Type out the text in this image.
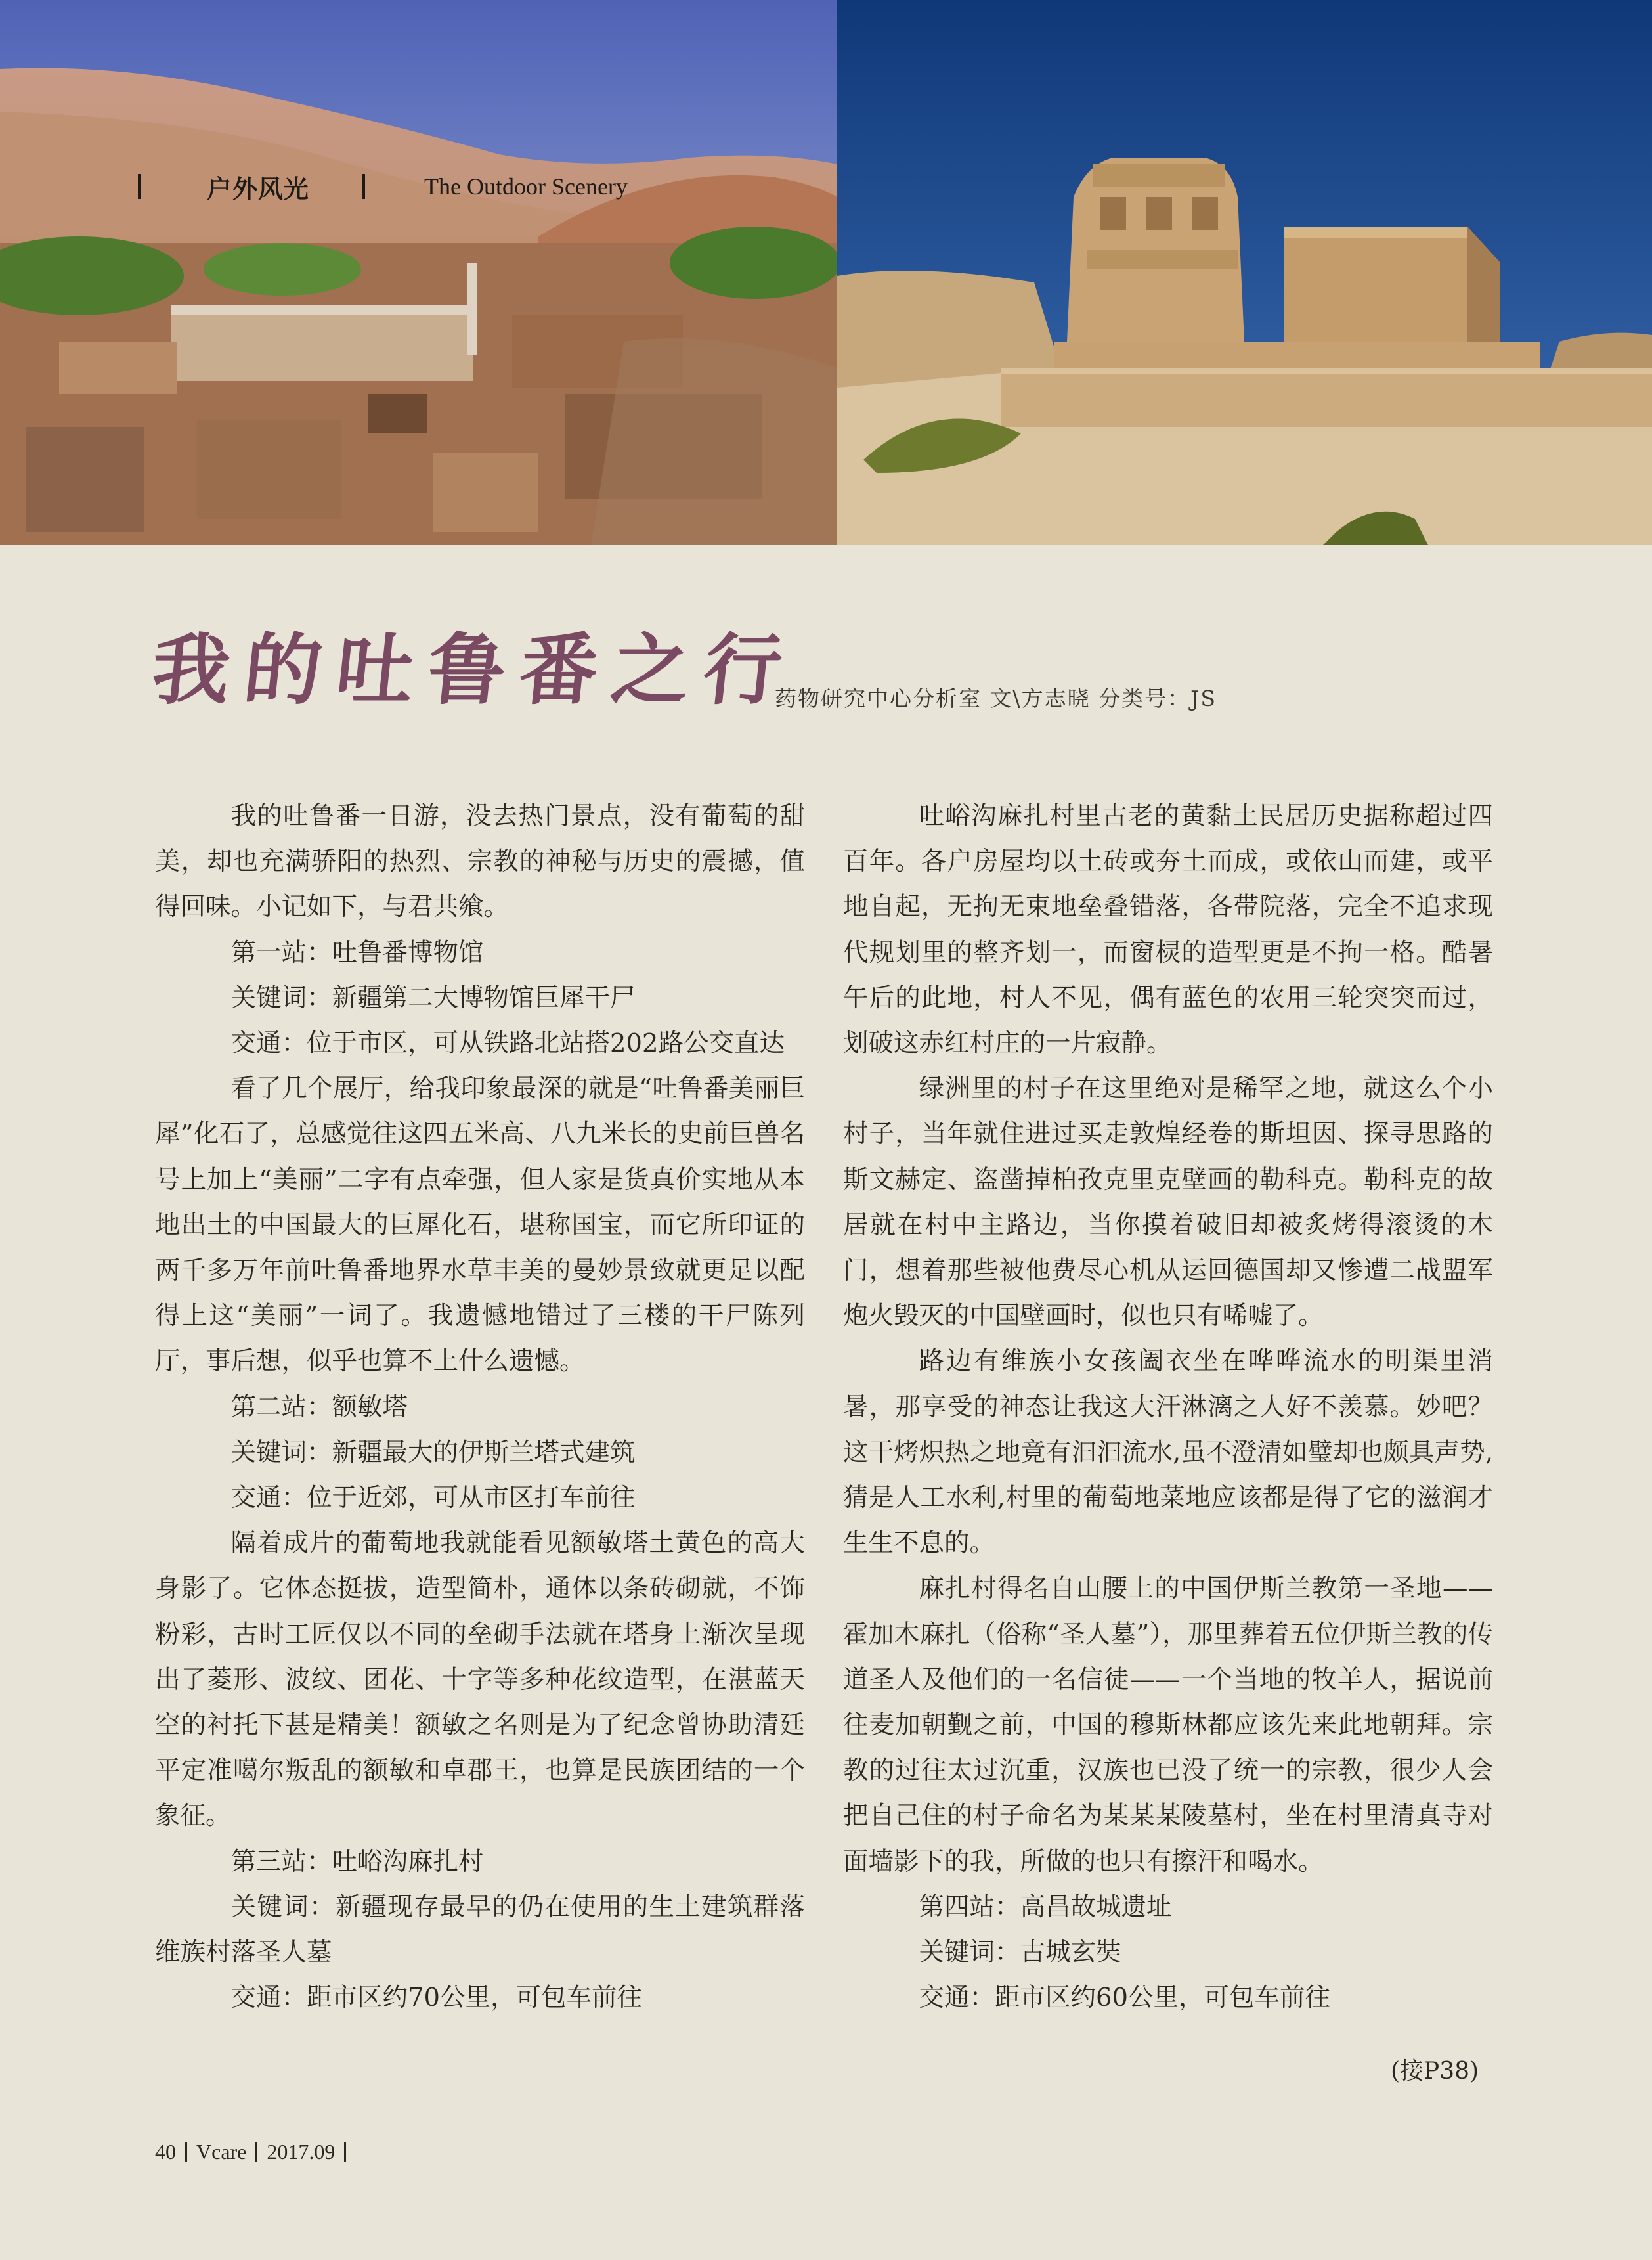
户外风光	The Outdoor Scenery
我的吐鲁番之行
药物研究中心分析室 文\方志晓 分类号：JS

我的吐鲁番一日游，没去热门景点，没有葡萄的甜美，却也充满骄阳的热烈、宗教的神秘与历史的震撼，值得回味。小记如下，与君共飨。

第一站：吐鲁番博物馆

关键词：新疆第二大博物馆巨犀干尸

交通：位于市区，可从铁路北站搭202路公交直达

看了几个展厅，给我印象最深的就是“吐鲁番美丽巨犀”化石了，总感觉往这四五米高、八九米长的史前巨兽名号上加上“美丽”二字有点牵强，但人家是货真价实地从本地出土的中国最大的巨犀化石，堪称国宝，而它所印证的两千多万年前吐鲁番地界水草丰美的曼妙景致就更足以配得上这“美丽”一词了。我遗憾地错过了三楼的干尸陈列厅，事后想，似乎也算不上什么遗憾。

第二站：额敏塔

关键词：新疆最大的伊斯兰塔式建筑

交通：位于近郊，可从市区打车前往

隔着成片的葡萄地我就能看见额敏塔土黄色的高大身影了。它体态挺拔，造型简朴，通体以条砖砌就，不饰粉彩，古时工匠仅以不同的垒砌手法就在塔身上渐次呈现出了菱形、波纹、团花、十字等多种花纹造型，在湛蓝天空的衬托下甚是精美！额敏之名则是为了纪念曾协助清廷平定准噶尔叛乱的额敏和卓郡王，也算是民族团结的一个象征。

第三站：吐峪沟麻扎村

关键词：新疆现存最早的仍在使用的生土建筑群落维族村落圣人墓

交通：距市区约70公里，可包车前往

吐峪沟麻扎村里古老的黄黏土民居历史据称超过四百年。各户房屋均以土砖或夯土而成，或依山而建，或平地自起，无拘无束地垒叠错落，各带院落，完全不追求现代规划里的整齐划一，而窗棂的造型更是不拘一格。酷暑午后的此地，村人不见，偶有蓝色的农用三轮突突而过，划破这赤红村庄的一片寂静。

绿洲里的村子在这里绝对是稀罕之地，就这么个小村子，当年就住进过买走敦煌经卷的斯坦因、探寻思路的斯文赫定、盗凿掉柏孜克里克壁画的勒科克。勒科克的故居就在村中主路边，当你摸着破旧却被炙烤得滚烫的木门，想着那些被他费尽心机从运回德国却又惨遭二战盟军炮火毁灭的中国壁画时，似也只有唏嘘了。

路边有维族小女孩阖衣坐在哗哗流水的明渠里消暑，那享受的神态让我这大汗淋漓之人好不羡慕。妙吧？这干烤炽热之地竟有汩汩流水,虽不澄清如璧却也颇具声势,猜是人工水利,村里的葡萄地菜地应该都是得了它的滋润才生生不息的。

麻扎村得名自山腰上的中国伊斯兰教第一圣地——霍加木麻扎（俗称“圣人墓”），那里葬着五位伊斯兰教的传道圣人及他们的一名信徒——一个当地的牧羊人，据说前往麦加朝觐之前，中国的穆斯林都应该先来此地朝拜。宗教的过往太过沉重，汉族也已没了统一的宗教，很少人会把自己住的村子命名为某某某陵墓村，坐在村里清真寺对面墙影下的我，所做的也只有擦汗和喝水。

第四站：高昌故城遗址

关键词：古城玄奘

交通：距市区约60公里，可包车前往

(接P38)
40 Vcare 2017.09
